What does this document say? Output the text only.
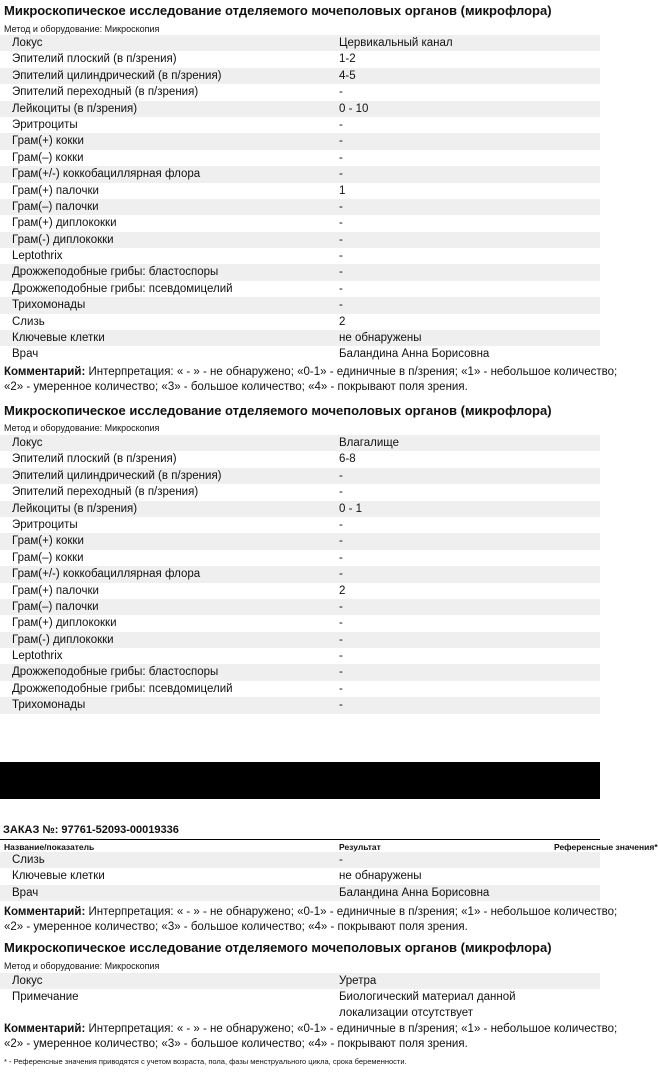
Микроскопическое исследование отделяемого мочеполовых органов (микрофлора)
Метод и оборудование: Микроскопия
Локус	Цервикальный канал
Эпителий плоский (в п/зрения)	1-2
Эпителий цилиндрический (в п/зрения)	4-5
Эпителий переходный (в п/зрения)	-
Лейкоциты (в п/зрения)	0 - 10
Эритроциты	-
Грам(+) кокки	-
Грам(–) кокки	-
Грам(+/-) коккобациллярная флора	-
Грам(+) палочки	1
Грам(–) палочки	-
Грам(+) диплококки	-
Грам(-) диплококки	-
Leptothrix	-
Дрожжеподобные грибы: бластоспоры	-
Дрожжеподобные грибы: псевдомицелий	-
Трихомонады	-
Слизь	2
Ключевые клетки	не обнаружены
Врач	Баландина Анна Борисовна
Комментарий: Интерпретация: « - » - не обнаружено; «0-1» - единичные в п/зрения; «1» - небольшое количество;
«2» - умеренное количество; «3» - большое количество; «4» - покрывают поля зрения.
Микроскопическое исследование отделяемого мочеполовых органов (микрофлора)
Метод и оборудование: Микроскопия
Локус	Влагалище
Эпителий плоский (в п/зрения)	6-8
Эпителий цилиндрический (в п/зрения)	-
Эпителий переходный (в п/зрения)	-
Лейкоциты (в п/зрения)	0 - 1
Эритроциты	-
Грам(+) кокки	-
Грам(–) кокки	-
Грам(+/-) коккобациллярная флора	-
Грам(+) палочки	2
Грам(–) палочки	-
Грам(+) диплококки	-
Грам(-) диплококки	-
Leptothrix	-
Дрожжеподобные грибы: бластоспоры	-
Дрожжеподобные грибы: псевдомицелий	-
Трихомонады	-
ЗАКАЗ №: 97761-52093-00019336
Название/показатель	Результат	Референсные значения*
Слизь	-
Ключевые клетки	не обнаружены
Врач	Баландина Анна Борисовна
Комментарий: Интерпретация: « - » - не обнаружено; «0-1» - единичные в п/зрения; «1» - небольшое количество;
«2» - умеренное количество; «3» - большое количество; «4» - покрывают поля зрения.
Микроскопическое исследование отделяемого мочеполовых органов (микрофлора)
Метод и оборудование: Микроскопия
Локус	Уретра
Примечание	Биологический материал данной
локализации отсутствует
Комментарий: Интерпретация: « - » - не обнаружено; «0-1» - единичные в п/зрения; «1» - небольшое количество;
«2» - умеренное количество; «3» - большое количество; «4» - покрывают поля зрения.
* - Референсные значения приводятся с учетом возраста, пола, фазы менструального цикла, срока беременности.
